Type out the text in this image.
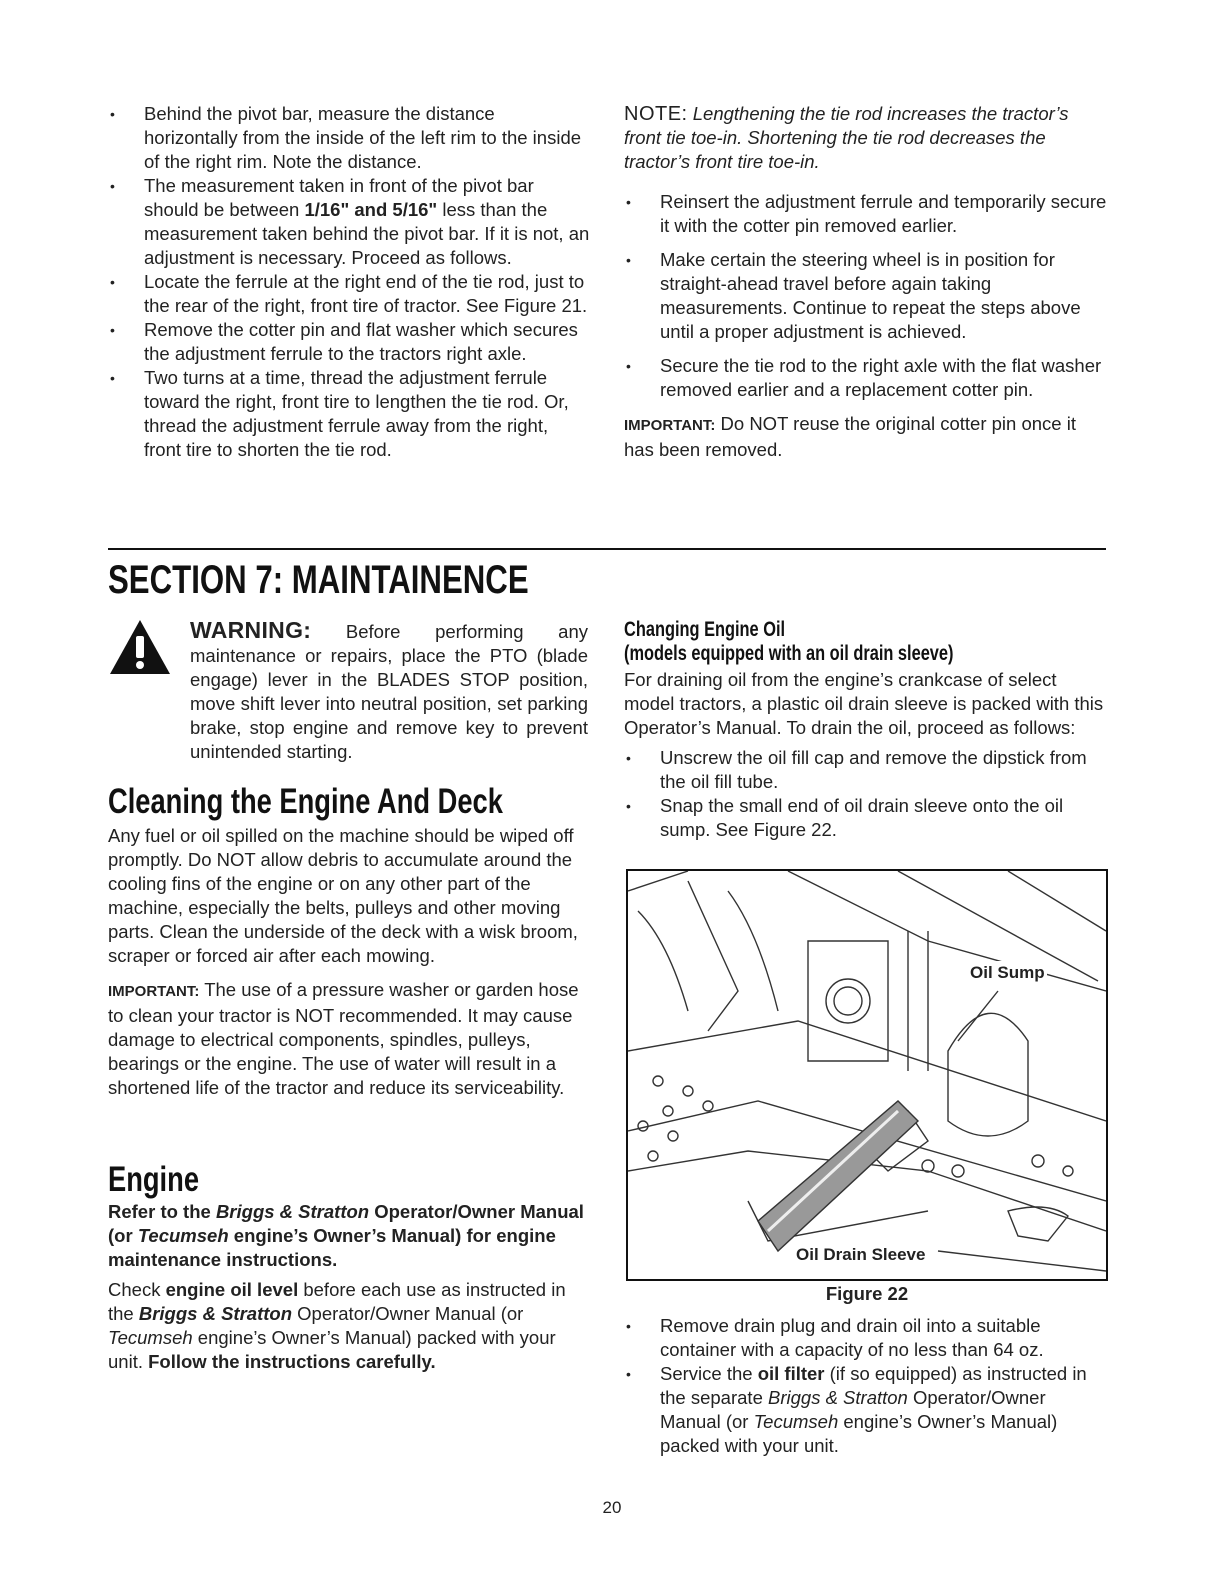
• Behind the pivot bar, measure the distance horizontally from the inside of the left rim to the inside of the right rim. Note the distance.
• The measurement taken in front of the pivot bar should be between 1/16" and 5/16" less than the measurement taken behind the pivot bar. If it is not, an adjustment is necessary. Proceed as follows.
• Locate the ferrule at the right end of the tie rod, just to the rear of the right, front tire of tractor. See Figure 21.
• Remove the cotter pin and flat washer which secures the adjustment ferrule to the tractors right axle.
• Two turns at a time, thread the adjustment ferrule toward the right, front tire to lengthen the tie rod. Or, thread the adjustment ferrule away from the right, front tire to shorten the tie rod.

NOTE: Lengthening the tie rod increases the tractor’s front tie toe-in. Shortening the tie rod decreases the tractor’s front tire toe-in.

• Reinsert the adjustment ferrule and temporarily secure it with the cotter pin removed earlier.
• Make certain the steering wheel is in position for straight-ahead travel before again taking measurements. Continue to repeat the steps above until a proper adjustment is achieved.
• Secure the tie rod to the right axle with the flat washer removed earlier and a replacement cotter pin.

IMPORTANT: Do NOT reuse the original cotter pin once it has been removed.

SECTION 7: MAINTAINENCE
WARNING: Before performing any maintenance or repairs, place the PTO (blade engage) lever in the BLADES STOP position, move shift lever into neutral position, set parking brake, stop engine and remove key to prevent unintended starting.
Cleaning the Engine And Deck

Any fuel or oil spilled on the machine should be wiped off promptly. Do NOT allow debris to accumulate around the cooling fins of the engine or on any other part of the machine, especially the belts, pulleys and other moving parts. Clean the underside of the deck with a wisk broom, scraper or forced air after each mowing.

IMPORTANT: The use of a pressure washer or garden hose to clean your tractor is NOT recommended. It may cause damage to electrical components, spindles, pulleys, bearings or the engine. The use of water will result in a shortened life of the tractor and reduce its serviceability.

Engine

Refer to the Briggs & Stratton Operator/Owner Manual (or Tecumseh engine’s Owner’s Manual) for engine maintenance instructions.

Check engine oil level before each use as instructed in the Briggs & Stratton Operator/Owner Manual (or Tecumseh engine’s Owner’s Manual) packed with your unit. Follow the instructions carefully.

Changing Engine Oil
(models equipped with an oil drain sleeve)

For draining oil from the engine’s crankcase of select model tractors, a plastic oil drain sleeve is packed with this Operator’s Manual. To drain the oil, proceed as follows:

• Unscrew the oil fill cap and remove the dipstick from the oil fill tube.
• Snap the small end of oil drain sleeve onto the oil sump. See Figure 22.
Oil Sump
Oil Drain Sleeve
Figure 22
• Remove drain plug and drain oil into a suitable container with a capacity of no less than 64 oz.
• Service the oil filter (if so equipped) as instructed in the separate Briggs & Stratton Operator/Owner Manual (or Tecumseh engine’s Owner’s Manual) packed with your unit.
20
